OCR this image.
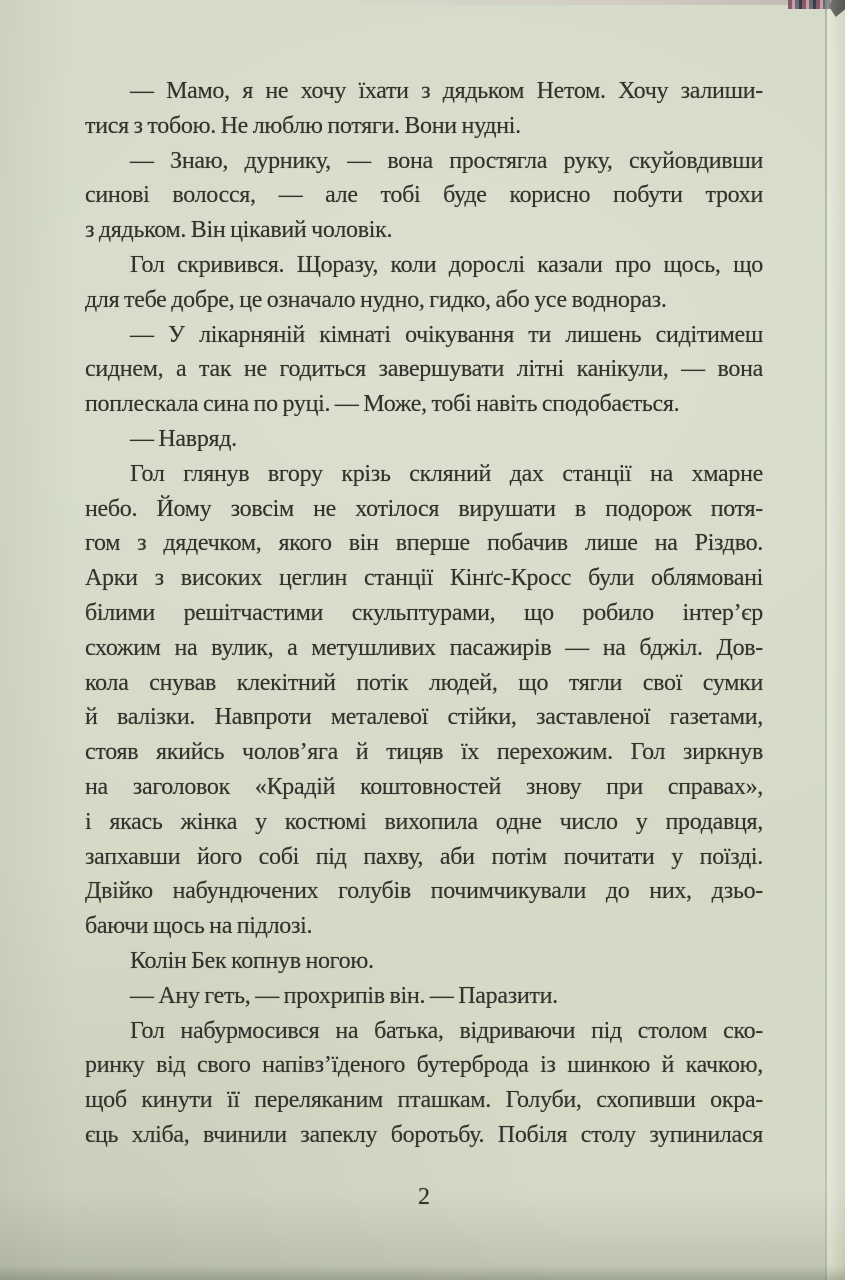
— Мамо, я не хочу їхати з дядьком Нетом. Хочу залиши-
тися з тобою. Не люблю потяги. Вони нудні.
— Знаю, дурнику, — вона простягла руку, скуйовдивши
синові волосся, — але тобі буде корисно побути трохи
з дядьком. Він цікавий чоловік.
Гол скривився. Щоразу, коли дорослі казали про щось, що
для тебе добре, це означало нудно, гидко, або усе воднораз.
— У лікарняній кімнаті очікування ти лишень сидітимеш
сиднем, а так не годиться завершувати літні канікули, — вона
поплескала сина по руці. — Може, тобі навіть сподобається.
— Навряд.
Гол глянув вгору крізь скляний дах станції на хмарне
небо. Йому зовсім не хотілося вирушати в подорож потя-
гом з дядечком, якого він вперше побачив лише на Різдво.
Арки з високих цеглин станції Кінґс-Кросс були облямовані
білими решітчастими скульптурами, що робило інтер’єр
схожим на вулик, а метушливих пасажирів — на бджіл. Дов-
кола снував клекітний потік людей, що тягли свої сумки
й валізки. Навпроти металевої стійки, заставленої газетами,
стояв якийсь чолов’яга й тицяв їх перехожим. Гол зиркнув
на заголовок «Крадій коштовностей знову при справах»,
і якась жінка у костюмі вихопила одне число у продавця,
запхавши його собі під пахву, аби потім почитати у поїзді.
Двійко набундючених голубів почимчикували до них, дзьо-
баючи щось на підлозі.
Колін Бек копнув ногою.
— Ану геть, — прохрипів він. — Паразити.
Гол набурмосився на батька, відриваючи під столом ско-
ринку від свого напівз’їденого бутерброда із шинкою й качкою,
щоб кинути її переляканим пташкам. Голуби, схопивши окра-
єць хліба, вчинили запеклу боротьбу. Побіля столу зупинилася
2
